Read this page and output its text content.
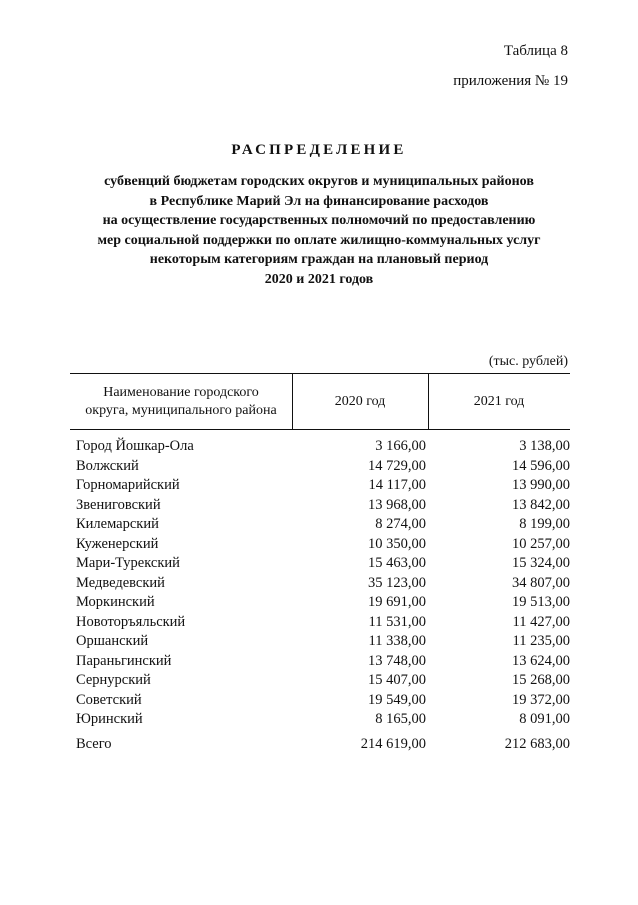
Таблица 8
приложения № 19
РАСПРЕДЕЛЕНИЕ
субвенций бюджетам городских округов и муниципальных районов
в Республике Марий Эл на финансирование расходов
на осуществление государственных полномочий по предоставлению
мер социальной поддержки по оплате жилищно-коммунальных услуг
некоторым категориям граждан на плановый период
2020 и 2021 годов
(тыс. рублей)
Наименование городского
округа, муниципального района
2020 год	2021 год
Город Йошкар-Ола	3 166,00	3 138,00
Волжский	14 729,00	14 596,00
Горномарийский	14 117,00	13 990,00
Звениговский	13 968,00	13 842,00
Килемарский	8 274,00	8 199,00
Куженерский	10 350,00	10 257,00
Мари-Турекский	15 463,00	15 324,00
Медведевский	35 123,00	34 807,00
Моркинский	19 691,00	19 513,00
Новоторъяльский	11 531,00	11 427,00
Оршанский	11 338,00	11 235,00
Параньгинский	13 748,00	13 624,00
Сернурский	15 407,00	15 268,00
Советский	19 549,00	19 372,00
Юринский	8 165,00	8 091,00
Всего	214 619,00	212 683,00
